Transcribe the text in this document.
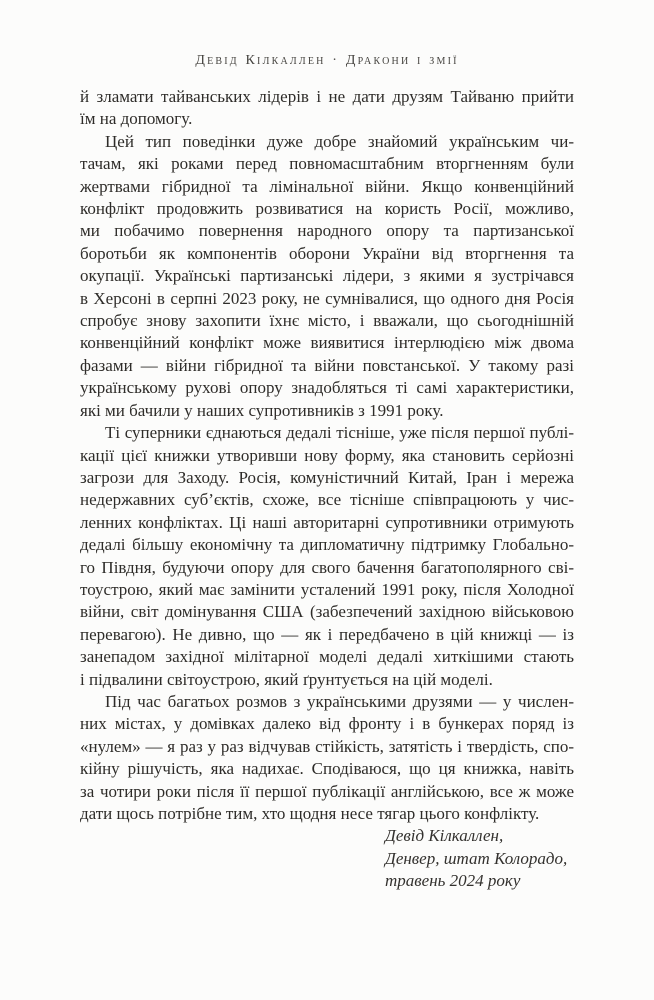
Девід Кілкаллен · Дракони і змії
й зламати тайванських лідерів і не дати друзям Тайваню прийти
їм на допомогу.
Цей тип поведінки дуже добре знайомий українським чи-
тачам, які роками перед повномасштабним вторгненням були
жертвами гібридної та лімінальної війни. Якщо конвенційний
конфлікт продовжить розвиватися на користь Росії, можливо,
ми побачимо повернення народного опору та партизанської
боротьби як компонентів оборони України від вторгнення та
окупації. Українські партизанські лідери, з якими я зустрічався
в Херсоні в серпні 2023 року, не сумнівалися, що одного дня Росія
спробує знову захопити їхнє місто, і вважали, що сьогоднішній
конвенційний конфлікт може виявитися інтерлюдією між двома
фазами — війни гібридної та війни повстанської. У такому разі
українському рухові опору знадобляться ті самі характеристики,
які ми бачили у наших супротивників з 1991 року.
Ті суперники єднаються дедалі тісніше, уже після першої публі-
кації цієї книжки утворивши нову форму, яка становить серйозні
загрози для Заходу. Росія, комуністичний Китай, Іран і мережа
недержавних суб’єктів, схоже, все тісніше співпрацюють у чис-
ленних конфліктах. Ці наші авторитарні супротивники отримують
дедалі більшу економічну та дипломатичну підтримку Глобально-
го Півдня, будуючи опору для свого бачення багатополярного сві-
тоустрою, який має замінити усталений 1991 року, після Холодної
війни, світ домінування США (забезпечений західною військовою
перевагою). Не дивно, що — як і передбачено в цій книжці — із
занепадом західної мілітарної моделі дедалі хиткішими стають
і підвалини світоустрою, який ґрунтується на цій моделі.
Під час багатьох розмов з українськими друзями — у числен-
них містах, у домівках далеко від фронту і в бункерах поряд із
«нулем» — я раз у раз відчував стійкість, затятість і твердість, спо-
кійну рішучість, яка надихає. Сподіваюся, що ця книжка, навіть
за чотири роки після її першої публікації англійською, все ж може
дати щось потрібне тим, хто щодня несе тягар цього конфлікту.
Девід Кілкаллен,
Денвер, штат Колорадо,
травень 2024 року
